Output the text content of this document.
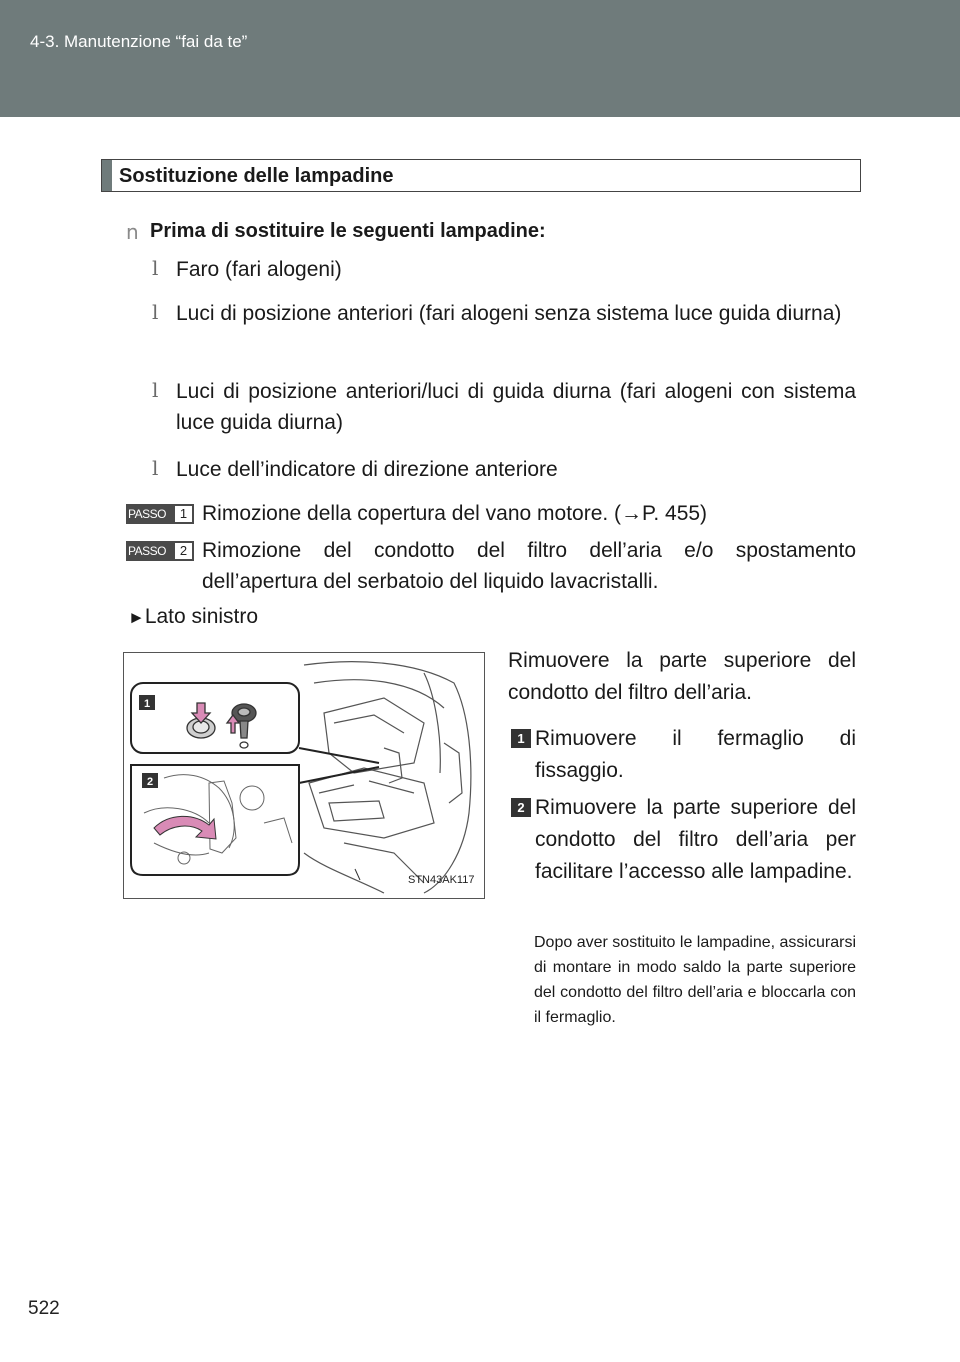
4-3. Manutenzione “fai da te”
Sostituzione delle lampadine
n Prima di sostituire le seguenti lampadine:
l Faro (fari alogeni)
l Luci di posizione anteriori (fari alogeni senza sistema luce guida diurna)
l Luci di posizione anteriori/luci di guida diurna (fari alogeni con sistema luce guida diurna)
l Luce dell’indicatore di direzione anteriore
PASSO	1 Rimozione della copertura del vano motore. (→P. 455)
PASSO	2 Rimozione del condotto del filtro dell’aria e/o spostamento dell’apertura del serbatoio del liquido lavacristalli.
►Lato sinistro
1
2
STN43AK117
Rimuovere la parte superiore del condotto del filtro dell’aria.
1 Rimuovere il fermaglio di fissaggio.
2 Rimuovere la parte superiore del condotto del filtro dell’aria per facilitare l’accesso alle lampadine.
Dopo aver sostituito le lampadine, assicurarsi di montare in modo saldo la parte superiore del condotto del filtro dell’aria e bloccarla con il fermaglio.
522
